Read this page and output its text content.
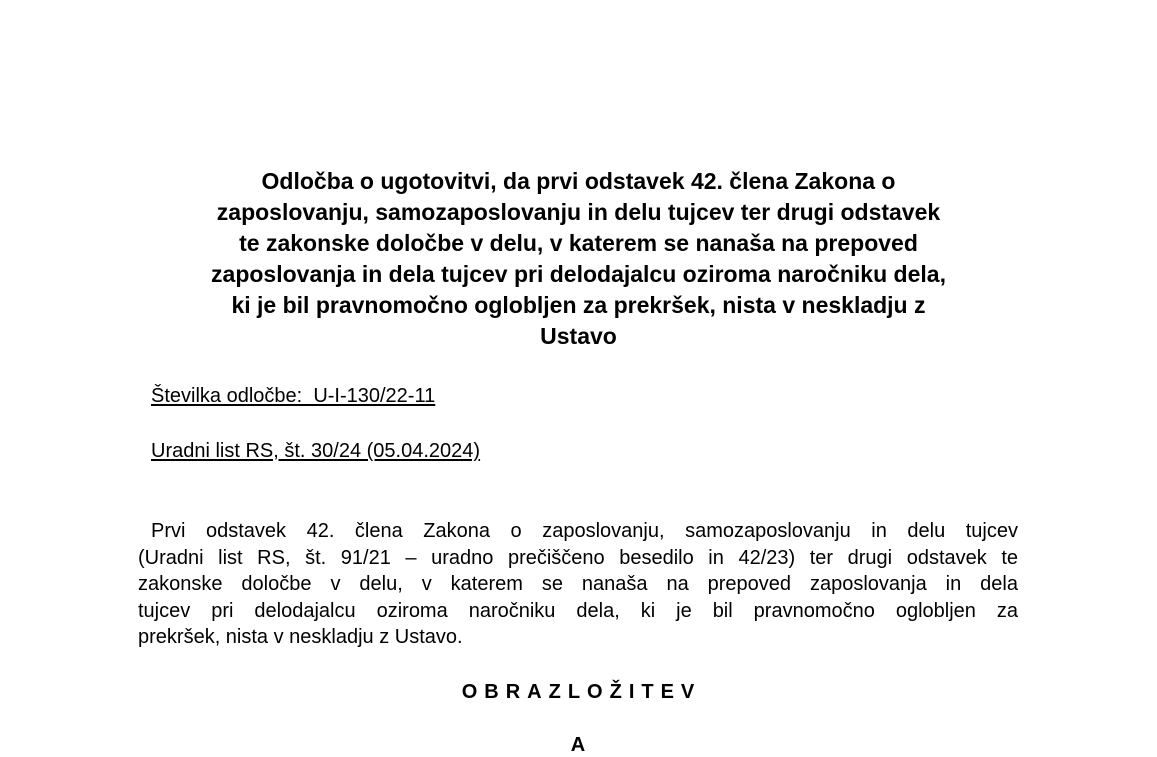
Odločba o ugotovitvi, da prvi odstavek 42. člena Zakona o
zaposlovanju, samozaposlovanju in delu tujcev ter drugi odstavek
te zakonske določbe v delu, v katerem se nanaša na prepoved
zaposlovanja in dela tujcev pri delodajalcu oziroma naročniku dela,
ki je bil pravnomočno oglobljen za prekršek, nista v neskladju z
Ustavo
Številka odločbe:  U-I-130/22-11
Uradni list RS, št. 30/24 (05.04.2024)
Prvi odstavek 42. člena Zakona o zaposlovanju, samozaposlovanju in delu tujcev
(Uradni list RS, št. 91/21 – uradno prečiščeno besedilo in 42/23) ter drugi odstavek te
zakonske določbe v delu, v katerem se nanaša na prepoved zaposlovanja in dela
tujcev pri delodajalcu oziroma naročniku dela, ki je bil pravnomočno oglobljen za
prekršek, nista v neskladju z Ustavo.
OBRAZLOŽITEV
A
